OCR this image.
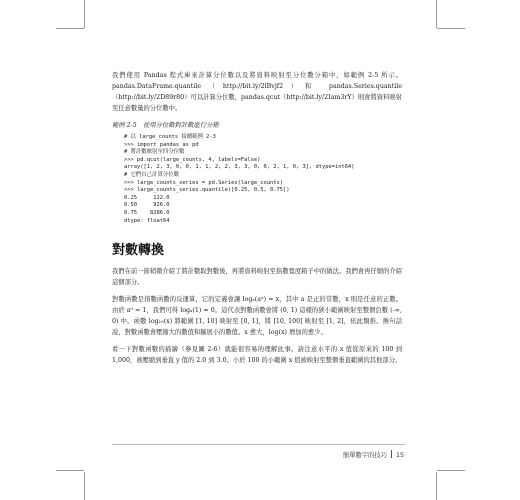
我們使用 Pandas 程式庫來計算分位數以及將資料映射至分位數分箱中，如範例 2-5 所示。pandas.DataFrame.quantile（http://bit.ly/2lBvjf2）和 pandas.Series.quantile（http://bit.ly/2D89r80）可以計算分位數，pandas.qcut（http://bit.ly/2Iam3rY）則會將資料映射至任意數量的分位數中。

範例 2-5　使用分位數對計數進行分箱

# 以 large_counts 接續範例 2-3
>>> import pandas as pd
# 將計數映射至四分位數
>>> pd.qcut(large_counts, 4, labels=False)
array([1, 2, 3, 0, 0, 1, 1, 2, 2, 3, 3, 0, 0, 2, 1, 0, 3], dtype=int64)
# 它們自己計算分位數
>>> large_counts_series = pd.Series(large_counts)
>>> large_counts_series.quantile([0.25, 0.5, 0.75])
0.25     122.0
0.50     926.0
0.75    8286.0
dtype: float64
對數轉換

我們在前一節稍微介紹了將計數取對數後，再將資料映射至指數寬度箱子中的做法。我們會再仔細的介紹這個部分。

對數函數是指數函數的反運算，它的定義會讓 logₐ(aˣ) = x，其中 a 是正的常數，x 則是任意的正數。由於 a⁰ = 1，我們可得 logₐ(1) = 0。這代表對數函數會將 (0, 1) 這樣的狹小範圍映射至整個負數 (-∞, 0) 中。函數 log₁₀(x) 將範圍 [1, 10] 映射至 [0, 1]，將 [10, 100] 映射至 [1, 2]，依此類推。換句話說，對數函數會壓縮大的數值和擴展小的數值。x 愈大，log(x) 增加的愈少。

看一下對數函數的描繪（參見圖 2-6）就能很容易的理解此事。請注意水平的 x 值從原來的 100 到 1,000，被壓縮到垂直 y 值的 2.0 到 3.0。小於 100 的小範圍 x 值被映射至整個垂直範圍的其他部分。

簡單數字的技巧 15
